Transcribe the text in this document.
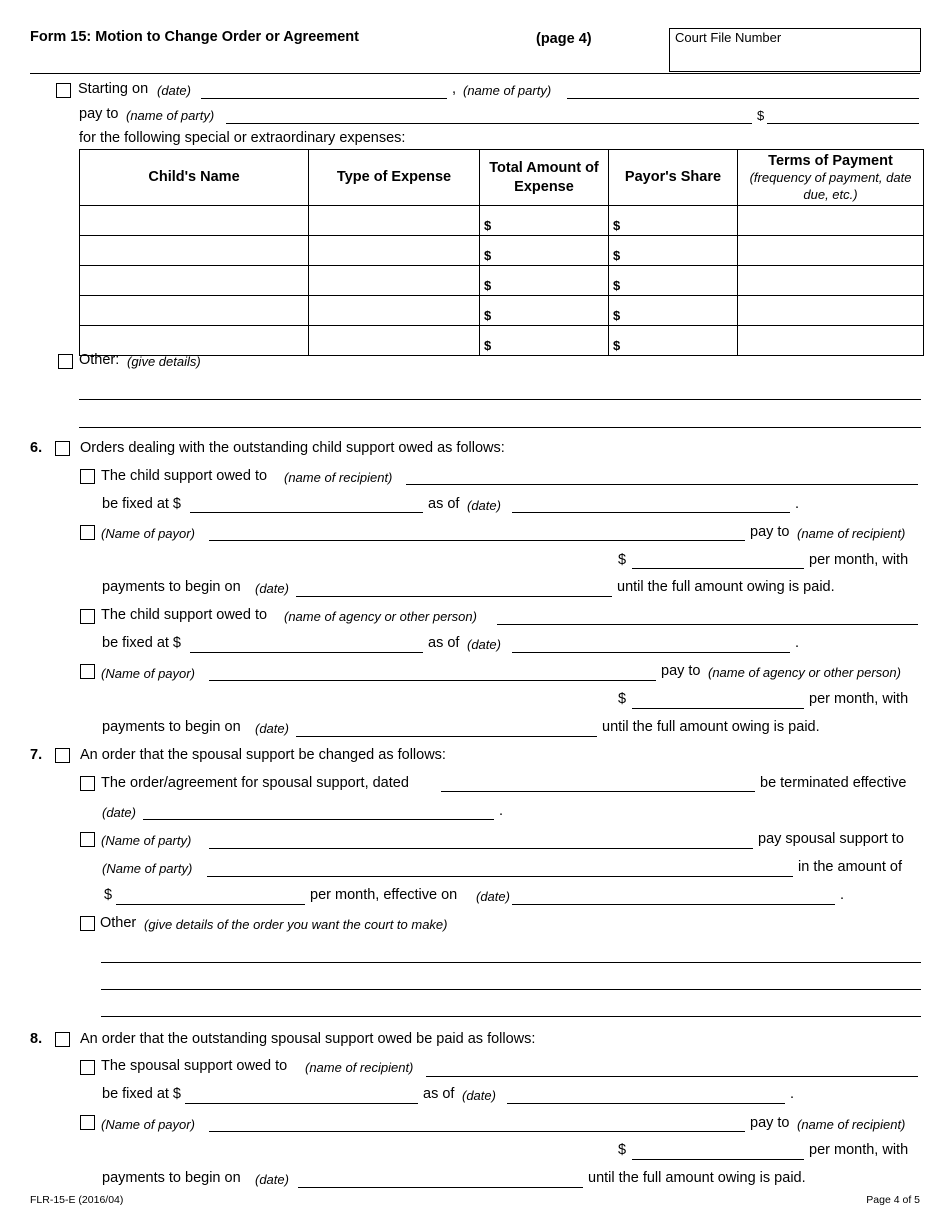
Form 15: Motion to Change Order or Agreement	(page 4)	Court File Number
Starting on (date)	, (name of party)
pay to (name of party)	$
for the following special or extraordinary expenses:
Child's Name	Type of Expense	Total Amount of Expense	Payor's Share	Terms of Payment
(frequency of payment, date due, etc.)

		$	$	
		$	$	
		$	$	
		$	$	
		$	$	
Other: (give details)
6.	Orders dealing with the outstanding child support owed as follows:
The child support owed to (name of recipient)
be fixed at $	as of (date)	.
(Name of payor)	pay to (name of recipient)
$	per month, with
payments to begin on (date)	until the full amount owing is paid.
The child support owed to (name of agency or other person)
be fixed at $	as of (date)	.
(Name of payor)	pay to (name of agency or other person)
$	per month, with
payments to begin on (date)	until the full amount owing is paid.
7.	An order that the spousal support be changed as follows:
The order/agreement for spousal support, dated	be terminated effective
(date)	.
(Name of party)	pay spousal support to
(Name of party)	in the amount of
$	per month, effective on (date)	.
Other (give details of the order you want the court to make)
8.	An order that the outstanding spousal support owed be paid as follows:
The spousal support owed to (name of recipient)
be fixed at $	as of (date)	.
(Name of payor)	pay to (name of recipient)
$	per month, with
payments to begin on (date)	until the full amount owing is paid.
FLR-15-E (2016/04)	Page 4 of 5
